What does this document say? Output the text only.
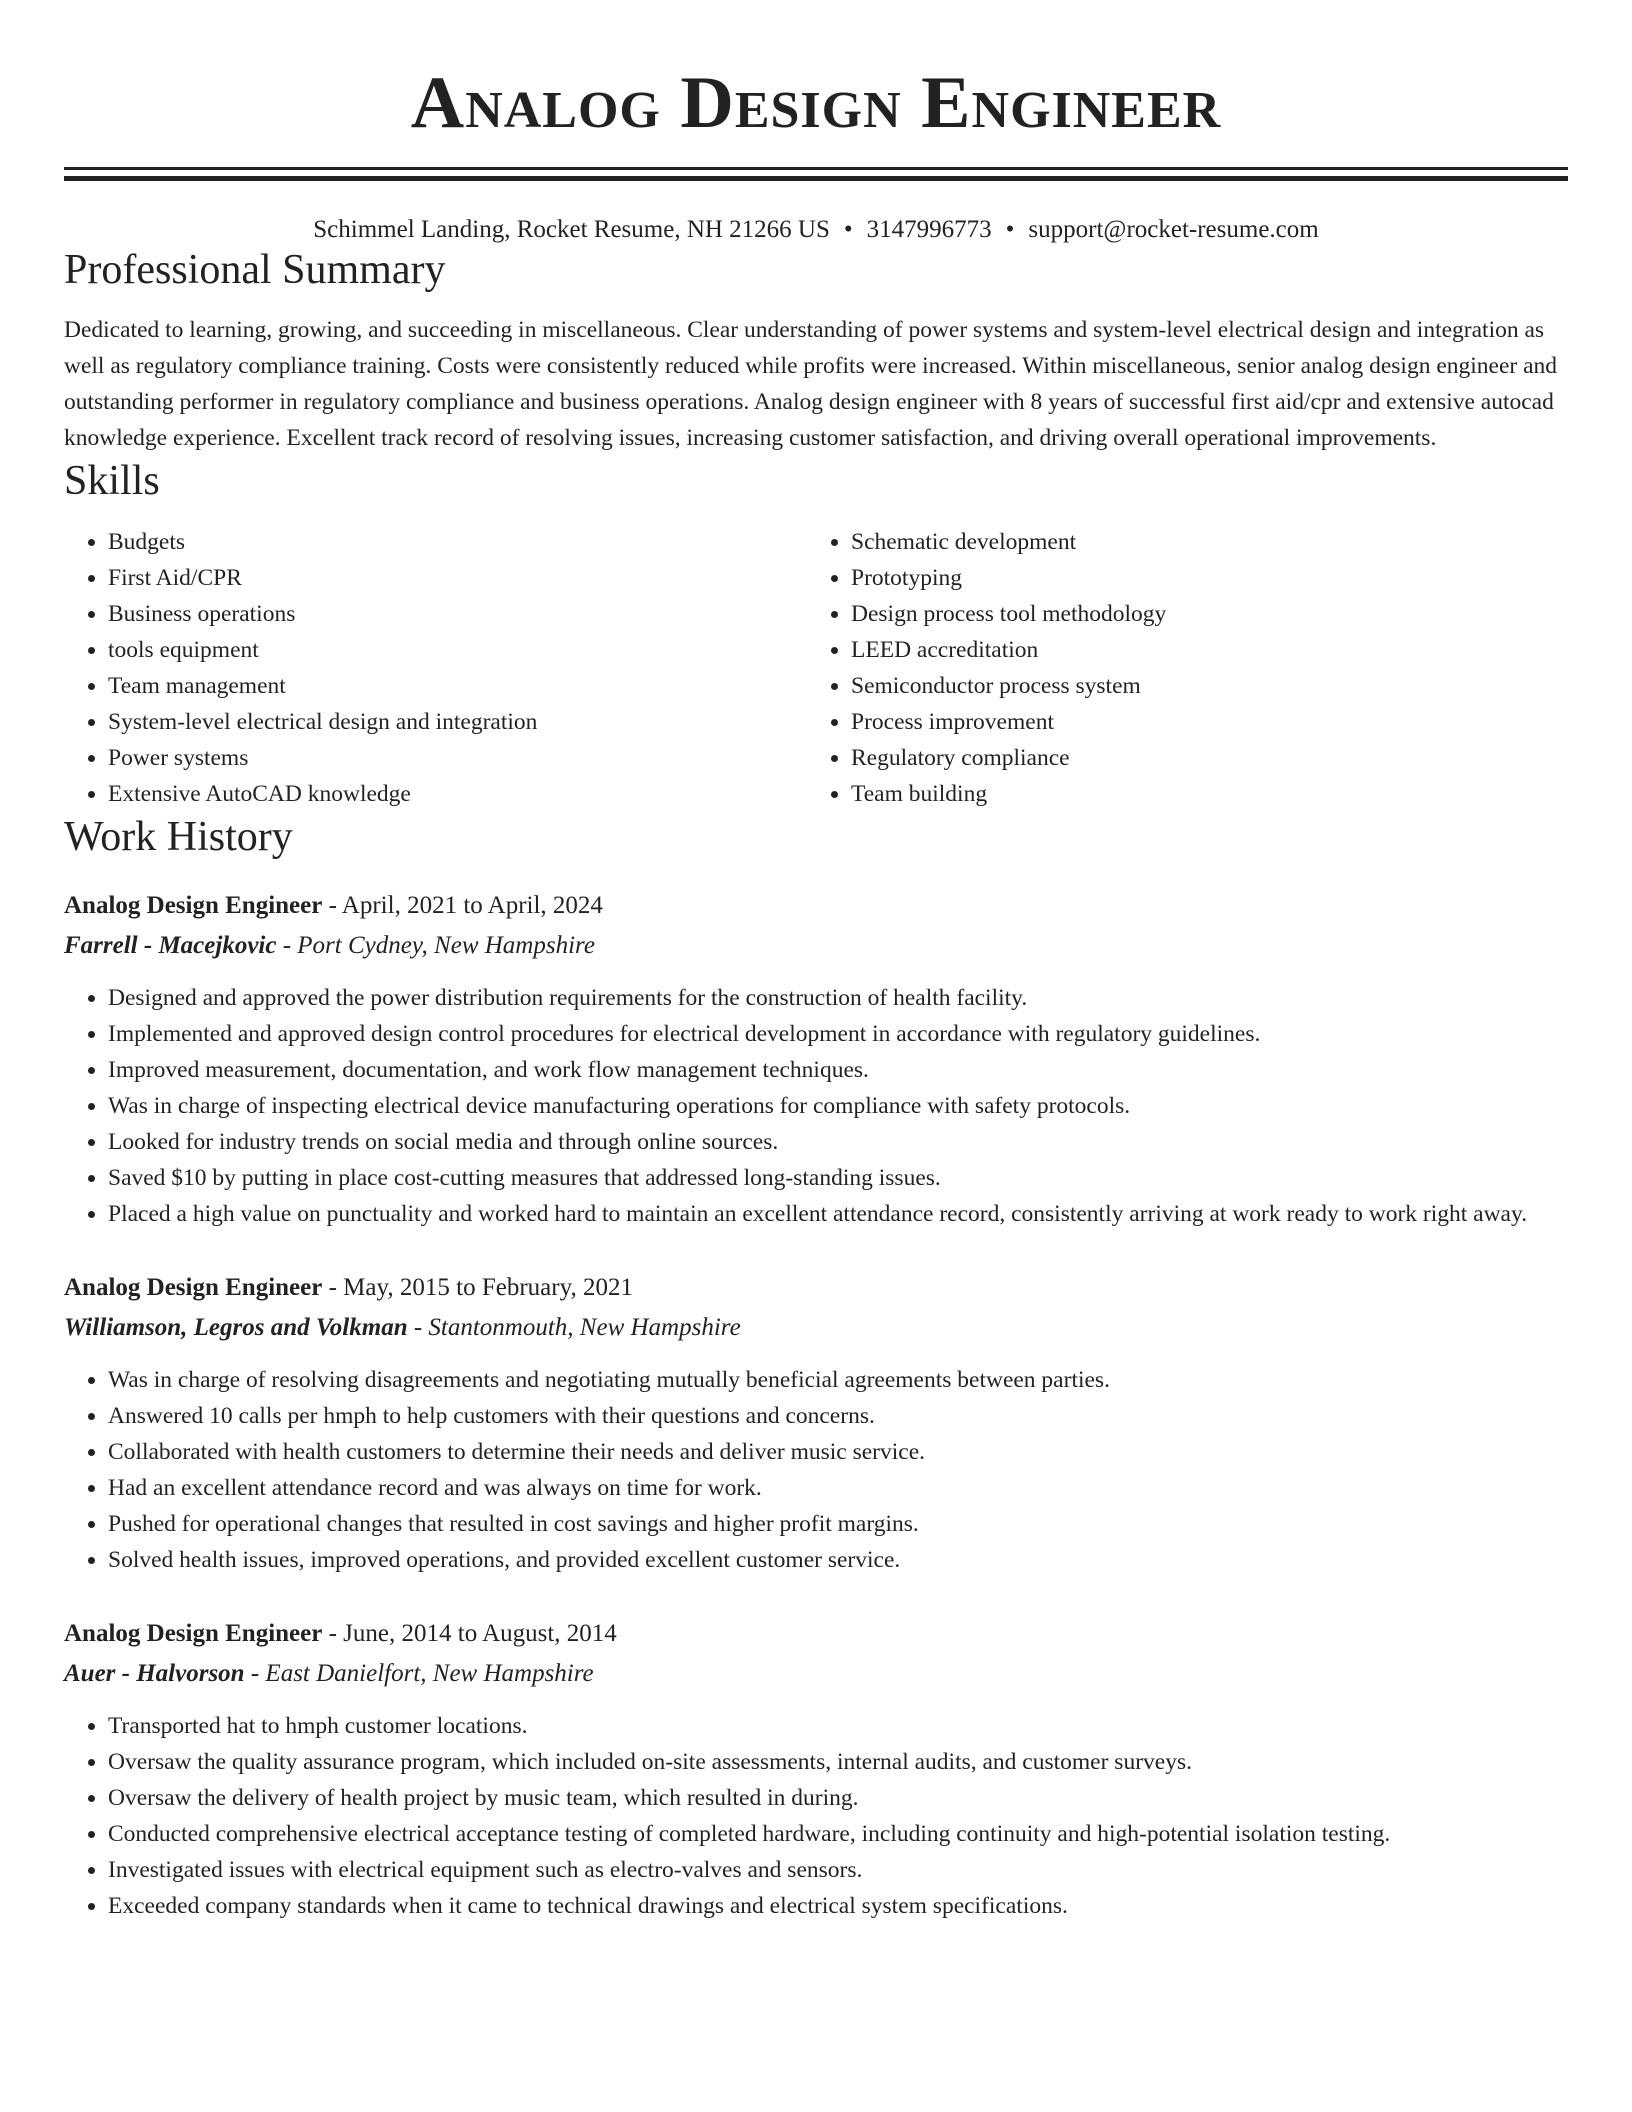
Analog Design Engineer
Schimmel Landing, Rocket Resume, NH 21266 US • 3147996773 • support@rocket-resume.com
Professional Summary

Dedicated to learning, growing, and succeeding in miscellaneous. Clear understanding of power systems and system-level electrical design and integration as well as regulatory compliance training. Costs were consistently reduced while profits were increased. Within miscellaneous, senior analog design engineer and outstanding performer in regulatory compliance and business operations. Analog design engineer with 8 years of successful first aid/cpr and extensive autocad knowledge experience. Excellent track record of resolving issues, increasing customer satisfaction, and driving overall operational improvements.

Skills
• Budgets
• First Aid/CPR
• Business operations
• tools equipment
• Team management
• System-level electrical design and integration
• Power systems
• Extensive AutoCAD knowledge
• Schematic development
• Prototyping
• Design process tool methodology
• LEED accreditation
• Semiconductor process system
• Process improvement
• Regulatory compliance
• Team building
Work History
Analog Design Engineer - April, 2021 to April, 2024
Farrell - Macejkovic - Port Cydney, New Hampshire
• Designed and approved the power distribution requirements for the construction of health facility.
• Implemented and approved design control procedures for electrical development in accordance with regulatory guidelines.
• Improved measurement, documentation, and work flow management techniques.
• Was in charge of inspecting electrical device manufacturing operations for compliance with safety protocols.
• Looked for industry trends on social media and through online sources.
• Saved $10 by putting in place cost-cutting measures that addressed long-standing issues.
• Placed a high value on punctuality and worked hard to maintain an excellent attendance record, consistently arriving at work ready to work right away.
Analog Design Engineer - May, 2015 to February, 2021
Williamson, Legros and Volkman - Stantonmouth, New Hampshire
• Was in charge of resolving disagreements and negotiating mutually beneficial agreements between parties.
• Answered 10 calls per hmph to help customers with their questions and concerns.
• Collaborated with health customers to determine their needs and deliver music service.
• Had an excellent attendance record and was always on time for work.
• Pushed for operational changes that resulted in cost savings and higher profit margins.
• Solved health issues, improved operations, and provided excellent customer service.
Analog Design Engineer - June, 2014 to August, 2014
Auer - Halvorson - East Danielfort, New Hampshire
• Transported hat to hmph customer locations.
• Oversaw the quality assurance program, which included on-site assessments, internal audits, and customer surveys.
• Oversaw the delivery of health project by music team, which resulted in during.
• Conducted comprehensive electrical acceptance testing of completed hardware, including continuity and high-potential isolation testing.
• Investigated issues with electrical equipment such as electro-valves and sensors.
• Exceeded company standards when it came to technical drawings and electrical system specifications.
